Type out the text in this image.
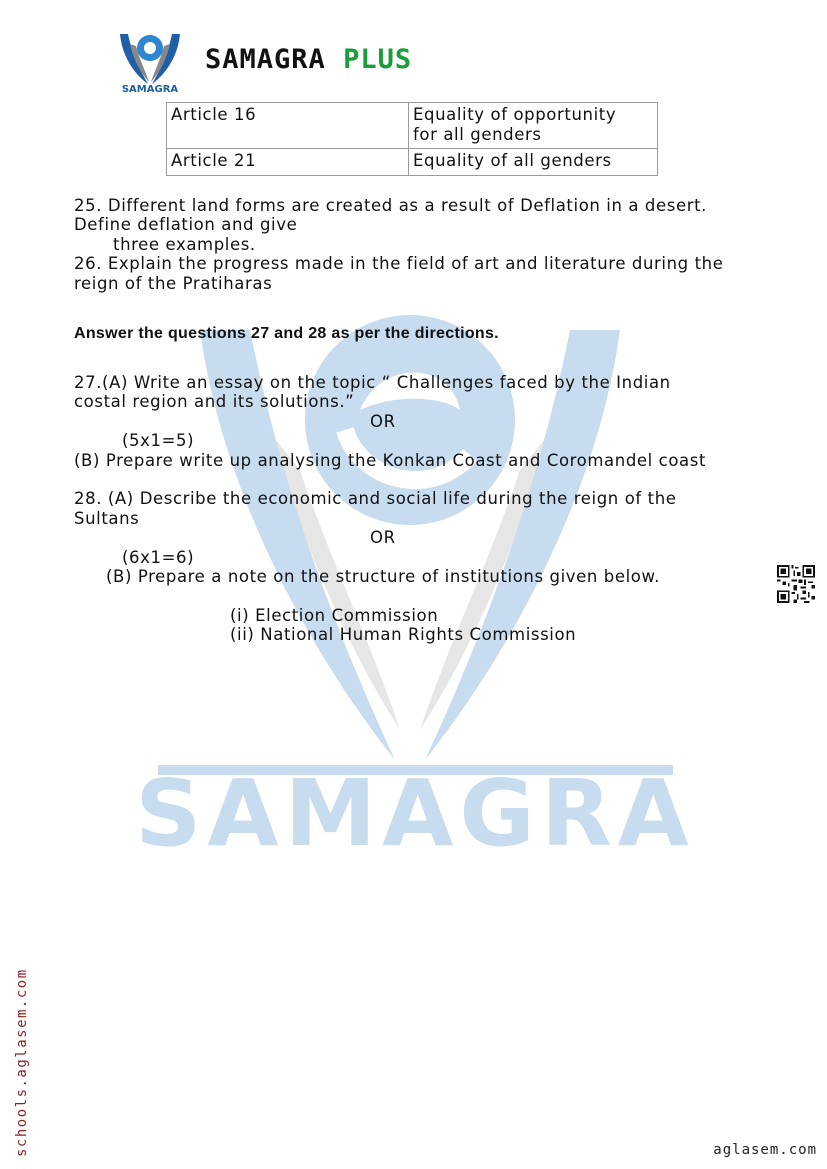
SAMAGRA
SAMAGRA
SAMAGRA PLUS
Article 16	Equality of opportunity
for all genders

Article 21	Equality of all genders
25. Different land forms are created as a result of Deflation in a desert.
Define deflation and give
three examples.
26. Explain the progress made in the field of art and literature during the
reign of the Pratiharas
Answer the questions 27 and 28 as per the directions.
27.(A) Write an essay on the topic “ Challenges faced by the Indian
costal region and its solutions.”
OR
(5x1=5)
(B) Prepare write up analysing the Konkan Coast and Coromandel coast
28. (A) Describe the economic and social life during the reign of the
Sultans
OR
(6x1=6)
(B) Prepare a note on the structure of institutions given below.
(i) Election Commission
(ii) National Human Rights Commission
schools.aglasem.com	aglasem.com
